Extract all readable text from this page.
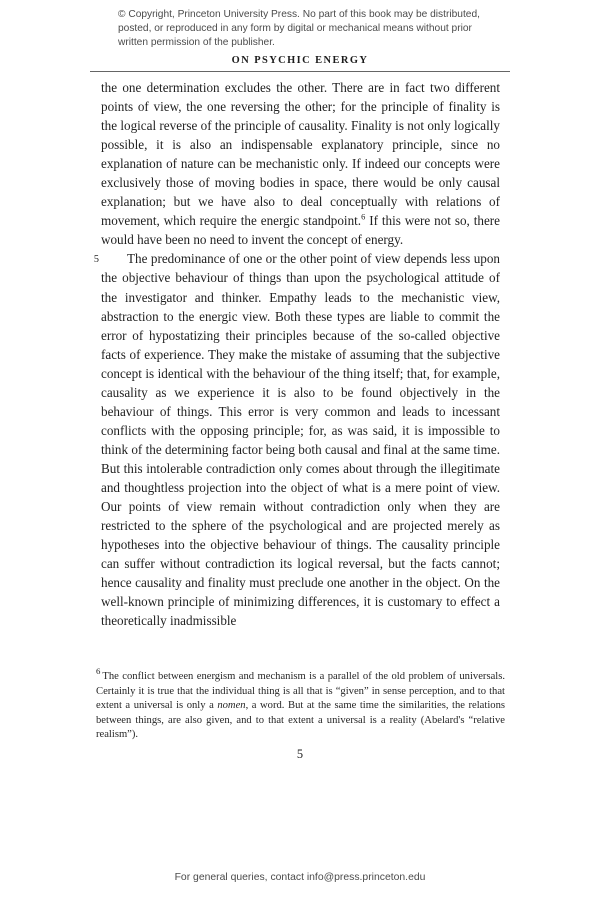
© Copyright, Princeton University Press. No part of this book may be distributed, posted, or reproduced in any form by digital or mechanical means without prior written permission of the publisher.
ON PSYCHIC ENERGY

the one determination excludes the other. There are in fact two different points of view, the one reversing the other; for the principle of finality is the logical reverse of the principle of causality. Finality is not only logically possible, it is also an indispensable explanatory principle, since no explanation of nature can be mechanistic only. If indeed our concepts were exclusively those of moving bodies in space, there would be only causal explanation; but we have also to deal conceptually with relations of movement, which require the energic standpoint.$^6$ If this were not so, there would have been no need to invent the concept of energy.

5 The predominance of one or the other point of view depends less upon the objective behaviour of things than upon the psychological attitude of the investigator and thinker. Empathy leads to the mechanistic view, abstraction to the energic view. Both these types are liable to commit the error of hypostatizing their principles because of the so-called objective facts of experience. They make the mistake of assuming that the subjective concept is identical with the behaviour of the thing itself; that, for example, causality as we experience it is also to be found objectively in the behaviour of things. This error is very common and leads to incessant conflicts with the opposing principle; for, as was said, it is impossible to think of the determining factor being both causal and final at the same time. But this intolerable contradiction only comes about through the illegitimate and thoughtless projection into the object of what is a mere point of view. Our points of view remain without contradiction only when they are restricted to the sphere of the psychological and are projected merely as hypotheses into the objective behaviour of things. The causality principle can suffer without contradiction its logical reversal, but the facts cannot; hence causality and finality must preclude one another in the object. On the well-known principle of minimizing differences, it is customary to effect a theoretically inadmissible

$^6$ The conflict between energism and mechanism is a parallel of the old problem of universals. Certainly it is true that the individual thing is all that is “given” in sense perception, and to that extent a universal is only a nomen, a word. But at the same time the similarities, the relations between things, are also given, and to that extent a universal is a reality (Abelard's “relative realism”).
5
For general queries, contact info@press.princeton.edu
